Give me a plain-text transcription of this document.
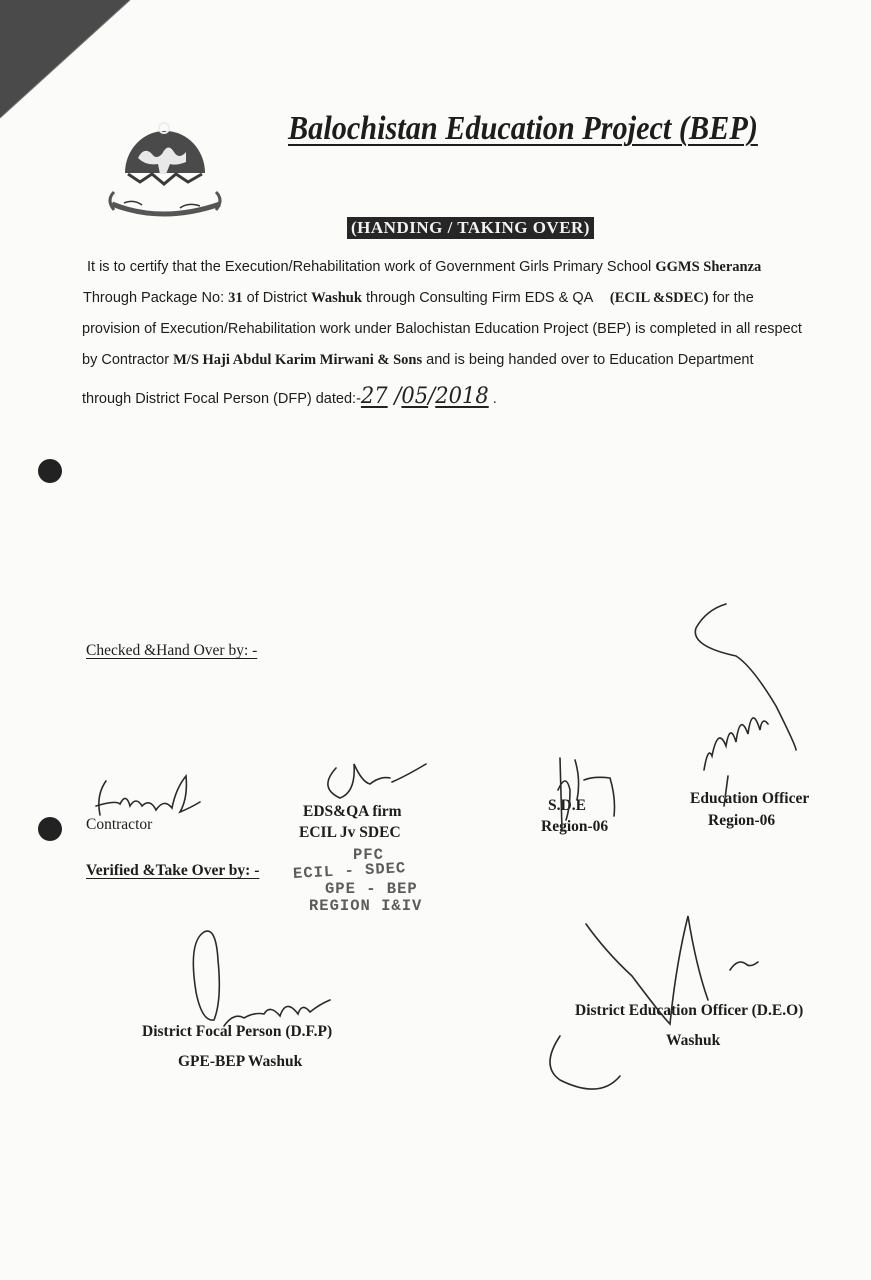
Balochistan Education Project (BEP)
(HANDING / TAKING OVER)
It is to certify that the Execution/Rehabilitation work of Government Girls Primary School GGMS Sheranza
Through Package No: 31 of District Washuk through Consulting Firm EDS & QA (ECIL &SDEC) for the
provision of Execution/Rehabilitation work under Balochistan Education Project (BEP) is completed in all respect
by Contractor M/S Haji Abdul Karim Mirwani & Sons and is being handed over to Education Department
through District Focal Person (DFP) dated:-27 /05/2018 .
Checked &Hand Over by: -
Contractor
EDS&QA firm
ECIL Jv SDEC
S.D.E
Region-06
Education Officer
Region-06
Verified &Take Over by: -
PFC
ECIL - SDEC
GPE - BEP
REGION I&IV
District Focal Person (D.F.P)
GPE-BEP Washuk
District Education Officer (D.E.O)
Washuk
